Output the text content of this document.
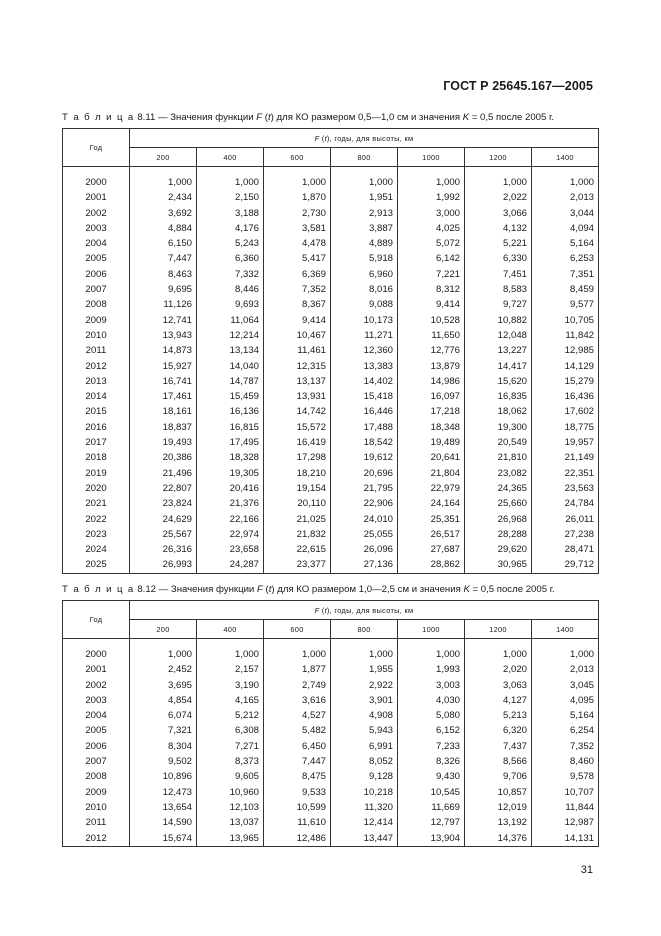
ГОСТ Р 25645.167—2005
Т а б л и ц а 8.11 — Значения функции F (t) для КО размером 0,5—1,0 см и значения K = 0,5 после 2005 г.
Год	F (t), годы, для высоты, км						
	200	400	600	800	1000	1200	1400

2000	1,000	1,000	1,000	1,000	1,000	1,000	1,000
2001	2,434	2,150	1,870	1,951	1,992	2,022	2,013
2002	3,692	3,188	2,730	2,913	3,000	3,066	3,044
2003	4,884	4,176	3,581	3,887	4,025	4,132	4,094
2004	6,150	5,243	4,478	4,889	5,072	5,221	5,164
2005	7,447	6,360	5,417	5,918	6,142	6,330	6,253
2006	8,463	7,332	6,369	6,960	7,221	7,451	7,351
2007	9,695	8,446	7,352	8,016	8,312	8,583	8,459
2008	11,126	9,693	8,367	9,088	9,414	9,727	9,577
2009	12,741	11,064	9,414	10,173	10,528	10,882	10,705
2010	13,943	12,214	10,467	11,271	11,650	12,048	11,842
2011	14,873	13,134	11,461	12,360	12,776	13,227	12,985
2012	15,927	14,040	12,315	13,383	13,879	14,417	14,129
2013	16,741	14,787	13,137	14,402	14,986	15,620	15,279
2014	17,461	15,459	13,931	15,418	16,097	16,835	16,436
2015	18,161	16,136	14,742	16,446	17,218	18,062	17,602
2016	18,837	16,815	15,572	17,488	18,348	19,300	18,775
2017	19,493	17,495	16,419	18,542	19,489	20,549	19,957
2018	20,386	18,328	17,298	19,612	20,641	21,810	21,149
2019	21,496	19,305	18,210	20,696	21,804	23,082	22,351
2020	22,807	20,416	19,154	21,795	22,979	24,365	23,563
2021	23,824	21,376	20,110	22,906	24,164	25,660	24,784
2022	24,629	22,166	21,025	24,010	25,351	26,968	26,011
2023	25,567	22,974	21,832	25,055	26,517	28,288	27,238
2024	26,316	23,658	22,615	26,096	27,687	29,620	28,471
2025	26,993	24,287	23,377	27,136	28,862	30,965	29,712
Т а б л и ц а 8.12 — Значения функции F (t) для КО размером 1,0—2,5 см и значения K = 0,5 после 2005 г.
Год	F (t), годы, для высоты, км						
	200	400	600	800	1000	1200	1400

2000	1,000	1,000	1,000	1,000	1,000	1,000	1,000
2001	2,452	2,157	1,877	1,955	1,993	2,020	2,013
2002	3,695	3,190	2,749	2,922	3,003	3,063	3,045
2003	4,854	4,165	3,616	3,901	4,030	4,127	4,095
2004	6,074	5,212	4,527	4,908	5,080	5,213	5,164
2005	7,321	6,308	5,482	5,943	6,152	6,320	6,254
2006	8,304	7,271	6,450	6,991	7,233	7,437	7,352
2007	9,502	8,373	7,447	8,052	8,326	8,566	8,460
2008	10,896	9,605	8,475	9,128	9,430	9,706	9,578
2009	12,473	10,960	9,533	10,218	10,545	10,857	10,707
2010	13,654	12,103	10,599	11,320	11,669	12,019	11,844
2011	14,590	13,037	11,610	12,414	12,797	13,192	12,987
2012	15,674	13,965	12,486	13,447	13,904	14,376	14,131
31
